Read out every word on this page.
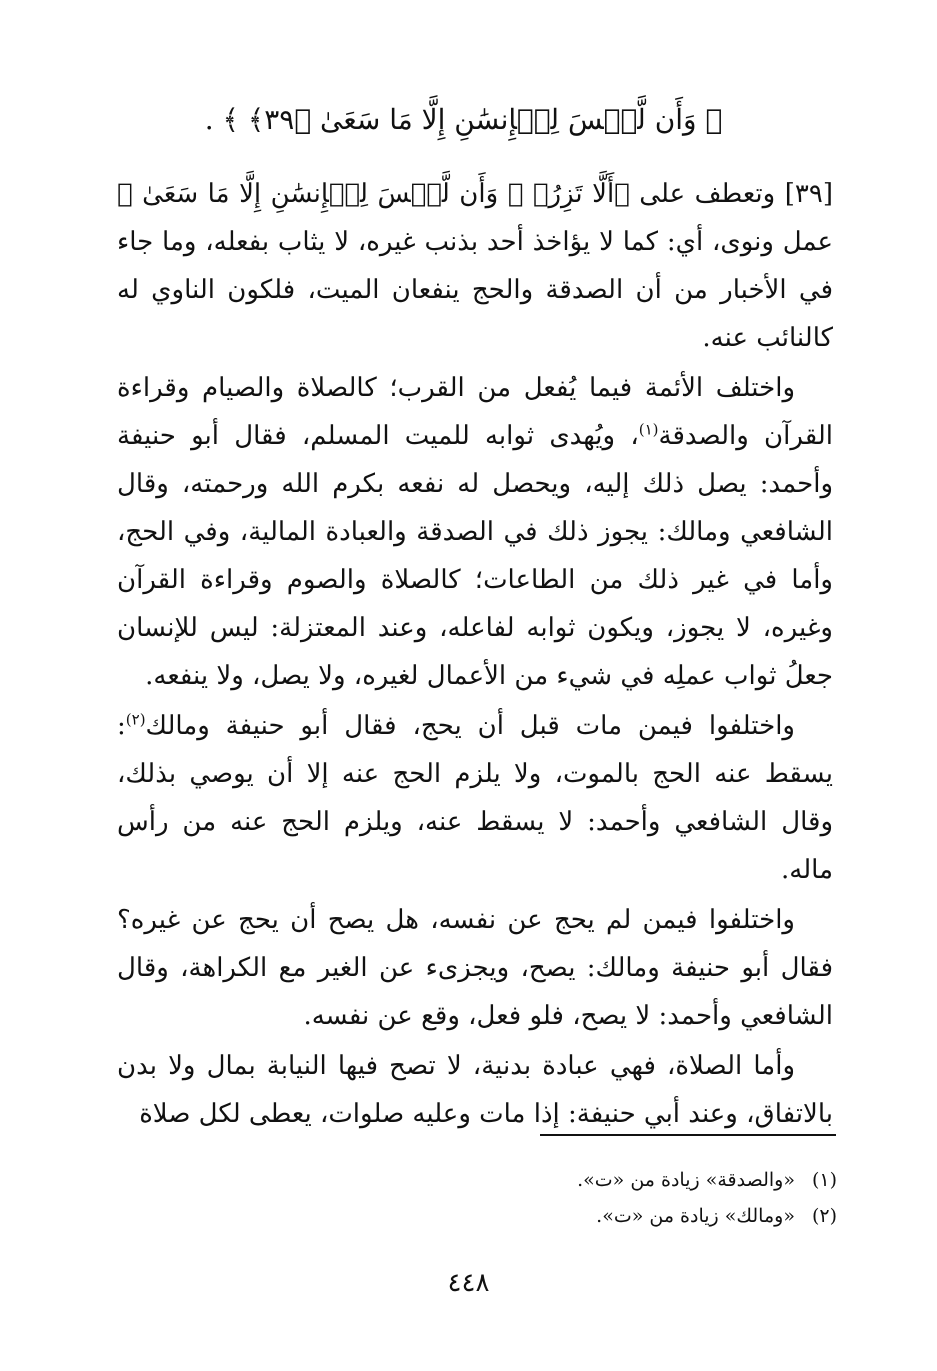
﴿ وَأَن لَّيۡسَ لِلۡإِنسَٰنِ إِلَّا مَا سَعَىٰ ﴿٣٩﴾ ﴾ .

[٣٩] وتعطف على ﴿أَلَّا تَزِرُ﴾ ﴿ وَأَن لَّيۡسَ لِلۡإِنسَٰنِ إِلَّا مَا سَعَىٰ ﴾ عمل ونوى، أي: كما لا يؤاخذ أحد بذنب غيره، لا يثاب بفعله، وما جاء في الأخبار من أن الصدقة والحج ينفعان الميت، فلكون الناوي له كالنائب عنه.

واختلف الأئمة فيما يُفعل من القرب؛ كالصلاة والصيام وقراءة القرآن والصدقة$^{(١)}$، ويُهدى ثوابه للميت المسلم، فقال أبو حنيفة وأحمد: يصل ذلك إليه، ويحصل له نفعه بكرم الله ورحمته، وقال الشافعي ومالك: يجوز ذلك في الصدقة والعبادة المالية، وفي الحج، وأما في غير ذلك من الطاعات؛ كالصلاة والصوم وقراءة القرآن وغيره، لا يجوز، ويكون ثوابه لفاعله، وعند المعتزلة: ليس للإنسان جعلُ ثواب عملِه في شيء من الأعمال لغيره، ولا يصل، ولا ينفعه.

واختلفوا فيمن مات قبل أن يحج، فقال أبو حنيفة ومالك$^{(٢)}$: يسقط عنه الحج بالموت، ولا يلزم الحج عنه إلا أن يوصي بذلك، وقال الشافعي وأحمد: لا يسقط عنه، ويلزم الحج عنه من رأس ماله.

واختلفوا فيمن لم يحج عن نفسه، هل يصح أن يحج عن غيره؟ فقال أبو حنيفة ومالك: يصح، ويجزىء عن الغير مع الكراهة، وقال الشافعي وأحمد: لا يصح، فلو فعل، وقع عن نفسه.

وأما الصلاة، فهي عبادة بدنية، لا تصح فيها النيابة بمال ولا بدن بالاتفاق، وعند أبي حنيفة: إذا مات وعليه صلوات، يعطى لكل صلاة

(١) «والصدقة» زيادة من «ت».
(٢) «ومالك» زيادة من «ت».
٤٤٨
